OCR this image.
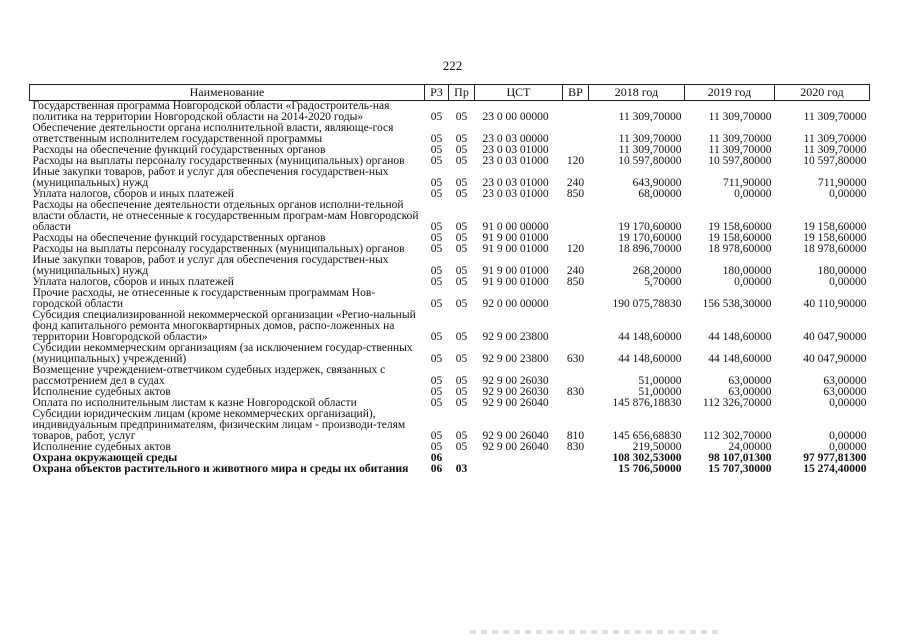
222
Наименование	РЗ	Пр	ЦСТ	ВР	2018 год	2019 год	2020 год
Государственная программа Новгородской области «Градостроитель-ная политика на территории Новгородской области на 2014-2020 годы»	05	05	23 0 00 00000		11 309,70000	11 309,70000	11 309,70000
Обеспечение деятельности органа исполнительной власти, являюще-гося ответственным исполнителем государственной программы	05	05	23 0 03 00000		11 309,70000	11 309,70000	11 309,70000
Расходы на обеспечение функций государственных органов	05	05	23 0 03 01000		11 309,70000	11 309,70000	11 309,70000
Расходы на выплаты персоналу государственных (муниципальных) органов	05	05	23 0 03 01000	120	10 597,80000	10 597,80000	10 597,80000
Иные закупки товаров, работ и услуг для обеспечения государствен-ных (муниципальных) нужд	05	05	23 0 03 01000	240	643,90000	711,90000	711,90000
Уплата налогов, сборов и иных платежей	05	05	23 0 03 01000	850	68,00000	0,00000	0,00000
Расходы на обеспечение деятельности отдельных органов исполни-тельной власти области, не отнесенные к государственным програм-мам Новгородской области	05	05	91 0 00 00000		19 170,60000	19 158,60000	19 158,60000
Расходы на обеспечение функций государственных органов	05	05	91 9 00 01000		19 170,60000	19 158,60000	19 158,60000
Расходы на выплаты персоналу государственных (муниципальных) органов	05	05	91 9 00 01000	120	18 896,70000	18 978,60000	18 978,60000
Иные закупки товаров, работ и услуг для обеспечения государствен-ных (муниципальных) нужд	05	05	91 9 00 01000	240	268,20000	180,00000	180,00000
Уплата налогов, сборов и иных платежей	05	05	91 9 00 01000	850	5,70000	0,00000	0,00000
Прочие расходы, не отнесенные к государственным программам Нов-городской области	05	05	92 0 00 00000		190 075,78830	156 538,30000	40 110,90000
Субсидия специализированной некоммерческой организации «Регио-нальный фонд капитального ремонта многоквартирных домов, распо-ложенных на территории Новгородской области»	05	05	92 9 00 23800		44 148,60000	44 148,60000	40 047,90000
Субсидии некоммерческим организациям (за исключением государ-ственных (муниципальных) учреждений)	05	05	92 9 00 23800	630	44 148,60000	44 148,60000	40 047,90000
Возмещение учреждением-ответчиком судебных издержек, связанных с рассмотрением дел в судах	05	05	92 9 00 26030		51,00000	63,00000	63,00000
Исполнение судебных актов	05	05	92 9 00 26030	830	51,00000	63,00000	63,00000
Оплата по исполнительным листам к казне Новгородской области	05	05	92 9 00 26040		145 876,18830	112 326,70000	0,00000
Субсидии юридическим лицам (кроме некоммерческих организаций), индивидуальным предпринимателям, физическим лицам - производи-телям товаров, работ, услуг	05	05	92 9 00 26040	810	145 656,68830	112 302,70000	0,00000
Исполнение судебных актов	05	05	92 9 00 26040	830	219,50000	24,00000	0,00000
Охрана окружающей среды	06				108 302,53000	98 107,01300	97 977,81300
Охрана объектов растительного и животного мира и среды их обитания	06	03			15 706,50000	15 707,30000	15 274,40000
